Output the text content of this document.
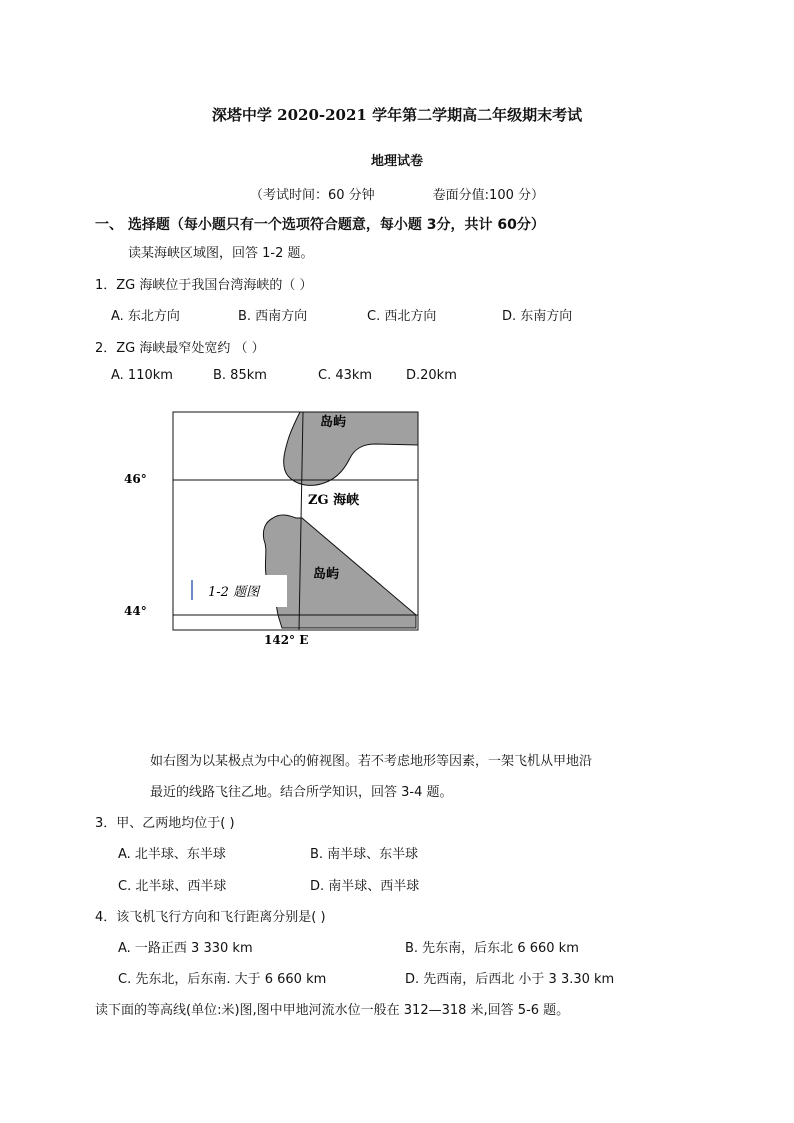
深塔中学 2020-2021 学年第二学期高二年级期末考试
地理试卷
（考试时间：60 分钟	卷面分值:100 分）
一、 选择题（每小题只有一个选项符合题意，每小题 3分，共计 60分）
读某海峡区域图，回答 1-2 题。
1．ZG 海峡位于我国台湾海峡的（ ）
A. 东北方向	B. 西南方向	C. 西北方向	D. 东南方向
2．ZG 海峡最窄处宽约 （ ）
A. 110km	B. 85km	C. 43km	D.20km
岛屿
ZG 海峡
岛屿
46°
44°
142° E
1-2 题图
如右图为以某极点为中心的俯视图。若不考虑地形等因素，一架飞机从甲地沿
最近的线路飞往乙地。结合所学知识，回答 3-4 题。
3．甲、乙两地均位于( )
A. 北半球、东半球	B. 南半球、东半球
C. 北半球、西半球	D. 南半球、西半球
4．该飞机飞行方向和飞行距离分别是( )
A. 一路正西 3 330 km	B. 先东南，后东北 6 660 km
C. 先东北，后东南. 大于 6 660 km	D. 先西南，后西北 小于 3 3.30 km
读下面的等高线(单位:米)图,图中甲地河流水位一般在 312—318 米,回答 5-6 题。
